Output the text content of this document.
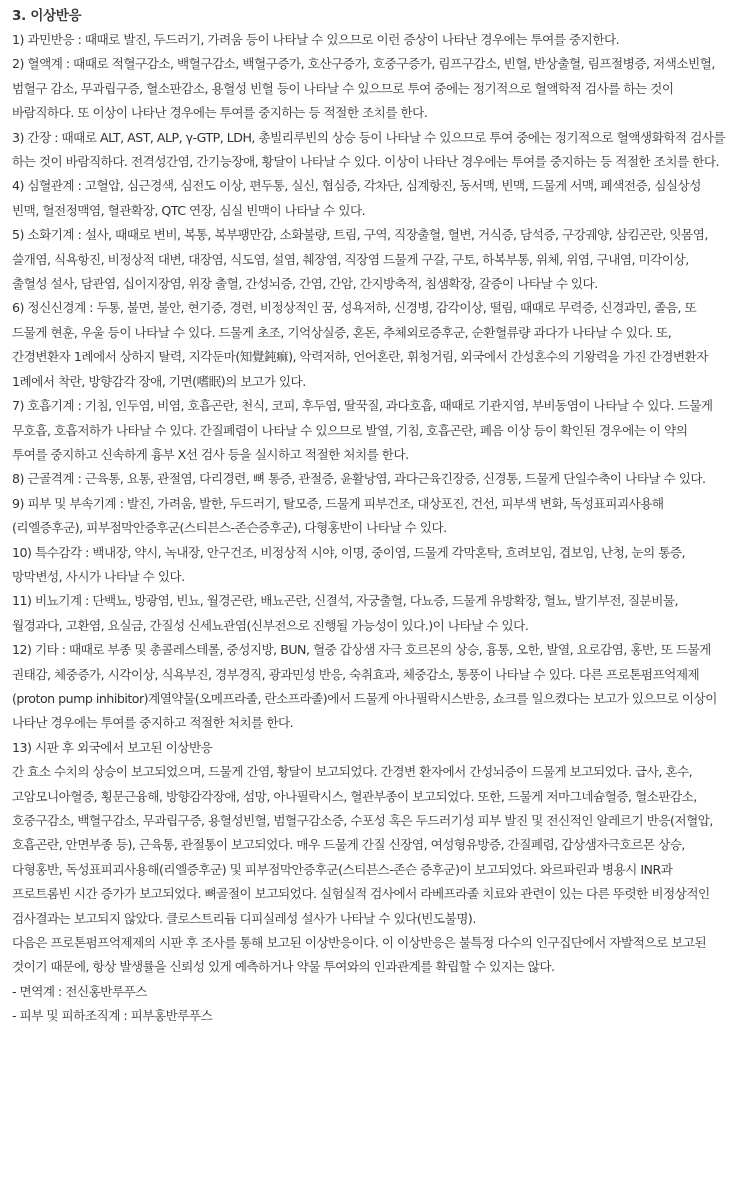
3. 이상반응

1) 과민반응 : 때때로 발진, 두드러기, 가려움 등이 나타날 수 있으므로 이런 증상이 나타난 경우에는 투여를 중지한다.

2) 혈액계 : 때때로 적혈구감소, 백혈구감소, 백혈구증가, 호산구증가, 호중구증가, 림프구감소, 빈혈, 반상출혈, 림프절병증, 저색소빈혈, 범혈구 감소, 무과립구증, 혈소판감소, 용혈성 빈혈 등이 나타날 수 있으므로 투여 중에는 정기적으로 혈액학적 검사를 하는 것이 바람직하다. 또 이상이 나타난 경우에는 투여를 중지하는 등 적절한 조치를 한다.

3) 간장 : 때때로 ALT, AST, ALP, γ-GTP, LDH, 총빌리루빈의 상승 등이 나타날 수 있으므로 투여 중에는 정기적으로 혈액생화학적 검사를 하는 것이 바람직하다. 전격성간염, 간기능장애, 황달이 나타날 수 있다. 이상이 나타난 경우에는 투여를 중지하는 등 적절한 조치를 한다.

4) 심혈관계 : 고혈압, 심근경색, 심전도 이상, 편두통, 실신, 협심증, 각차단, 심계항진, 동서맥, 빈맥, 드물게 서맥, 폐색전증, 심실상성 빈맥, 혈전정맥염, 혈관확장, QTC 연장, 심실 빈맥이 나타날 수 있다.

5) 소화기계 : 설사, 때때로 변비, 복통, 복부팽만감, 소화불량, 트림, 구역, 직장출혈, 혈변, 거식증, 담석증, 구강궤양, 삼킴곤란, 잇몸염, 쓸개염, 식욕항진, 비정상적 대변, 대장염, 식도염, 설염, 췌장염, 직장염 드물게 구갈, 구토, 하복부통, 위체, 위염, 구내염, 미각이상, 출혈성 설사, 담관염, 십이지장염, 위장 출혈, 간성뇌증, 간염, 간암, 간지방축적, 침샘확장, 갈증이 나타날 수 있다.

6) 정신신경계 : 두통, 불면, 불안, 현기증, 경련, 비정상적인 꿈, 성욕저하, 신경병, 감각이상, 떨림, 때때로 무력증, 신경과민, 졸음, 또 드물게 현훈, 우울 등이 나타날 수 있다. 드물게 초조, 기억상실증, 혼돈, 추체외로증후군, 순환혈류량 과다가 나타날 수 있다. 또, 간경변환자 1례에서 상하지 탈력, 지각둔마(知覺鈍痲), 악력저하, 언어혼란, 휘청거림, 외국에서 간성혼수의 기왕력을 가진 간경변환자 1례에서 착란, 방향감각 장애, 기면(嗜眠)의 보고가 있다.

7) 호흡기계 : 기침, 인두염, 비염, 호흡곤란, 천식, 코피, 후두염, 딸꾹질, 과다호흡, 때때로 기관지염, 부비동염이 나타날 수 있다. 드물게 무호흡, 호흡저하가 나타날 수 있다. 간질폐렴이 나타날 수 있으므로 발열, 기침, 호흡곤란, 폐음 이상 등이 확인된 경우에는 이 약의 투여를 중지하고 신속하게 흉부 X선 검사 등을 실시하고 적절한 처치를 한다.

8) 근골격계 : 근육통, 요통, 관절염, 다리경련, 뼈 통증, 관절증, 윤활낭염, 과다근육긴장증, 신경통, 드물게 단일수축이 나타날 수 있다.

9) 피부 및 부속기계 : 발진, 가려움, 발한, 두드러기, 탈모증, 드물게 피부건조, 대상포진, 건선, 피부색 변화, 독성표피괴사용해(리엘증후군), 피부점막안증후군(스티븐스-존슨증후군), 다형홍반이 나타날 수 있다.

10) 특수감각 : 백내장, 약시, 녹내장, 안구건조, 비정상적 시야, 이명, 중이염, 드물게 각막혼탁, 흐려보임, 겹보임, 난청, 눈의 통증, 망막변성, 사시가 나타날 수 있다.

11) 비뇨기계 : 단백뇨, 방광염, 빈뇨, 월경곤란, 배뇨곤란, 신결석, 자궁출혈, 다뇨증, 드물게 유방확장, 혈뇨, 발기부전, 질분비물, 월경과다, 고환염, 요실금, 간질성 신세뇨관염(신부전으로 진행될 가능성이 있다.)이 나타날 수 있다.

12) 기타 : 때때로 부종 및 총콜레스테롤, 중성지방, BUN, 혈중 갑상샘 자극 호르몬의 상승, 흉통, 오한, 발열, 요로감염, 홍반, 또 드물게 권태감, 체중증가, 시각이상, 식욕부진, 경부경직, 광과민성 반응, 숙취효과, 체중감소, 통풍이 나타날 수 있다. 다른 프로톤펌프억제제(proton pump inhibitor)계열약물(오메프라졸, 란소프라졸)에서 드물게 아나필락시스반응, 쇼크를 일으켰다는 보고가 있으므로 이상이 나타난 경우에는 투여를 중지하고 적절한 처치를 한다.

13) 시판 후 외국에서 보고된 이상반응

간 효소 수치의 상승이 보고되었으며, 드물게 간염, 황달이 보고되었다. 간경변 환자에서 간성뇌증이 드물게 보고되었다. 급사, 혼수, 고암모니아혈증, 횡문근융해, 방향감각장애, 섬망, 아나필락시스, 혈관부종이 보고되었다. 또한, 드물게 저마그네슘혈증, 혈소판감소, 호중구감소, 백혈구감소, 무과립구증, 용혈성빈혈, 범혈구감소증, 수포성 혹은 두드러기성 피부 발진 및 전신적인 알레르기 반응(저혈압, 호흡곤란, 안면부종 등), 근육통, 관절통이 보고되었다. 매우 드물게 간질 신장염, 여성형유방증, 간질폐렴, 갑상샘자극호르몬 상승, 다형홍반, 독성표피괴사용해(리엘증후군) 및 피부점막안증후군(스티븐스-존슨 증후군)이 보고되었다. 와르파린과 병용시 INR과 프로트롬빈 시간 증가가 보고되었다. 뼈골절이 보고되었다. 실험실적 검사에서 라베프라졸 치료와 관련이 있는 다른 뚜렷한 비정상적인 검사결과는 보고되지 않았다. 클로스트리듐 디피실레성 설사가 나타날 수 있다(빈도불명).

다음은 프로톤펌프억제제의 시판 후 조사를 통해 보고된 이상반응이다. 이 이상반응은 불특정 다수의 인구집단에서 자발적으로 보고된 것이기 때문에, 항상 발생률을 신뢰성 있게 예측하거나 약물 투여와의 인과관계를 확립할 수 있지는 않다.

- 면역계 : 전신홍반루푸스

- 피부 및 피하조직계 : 피부홍반루푸스
